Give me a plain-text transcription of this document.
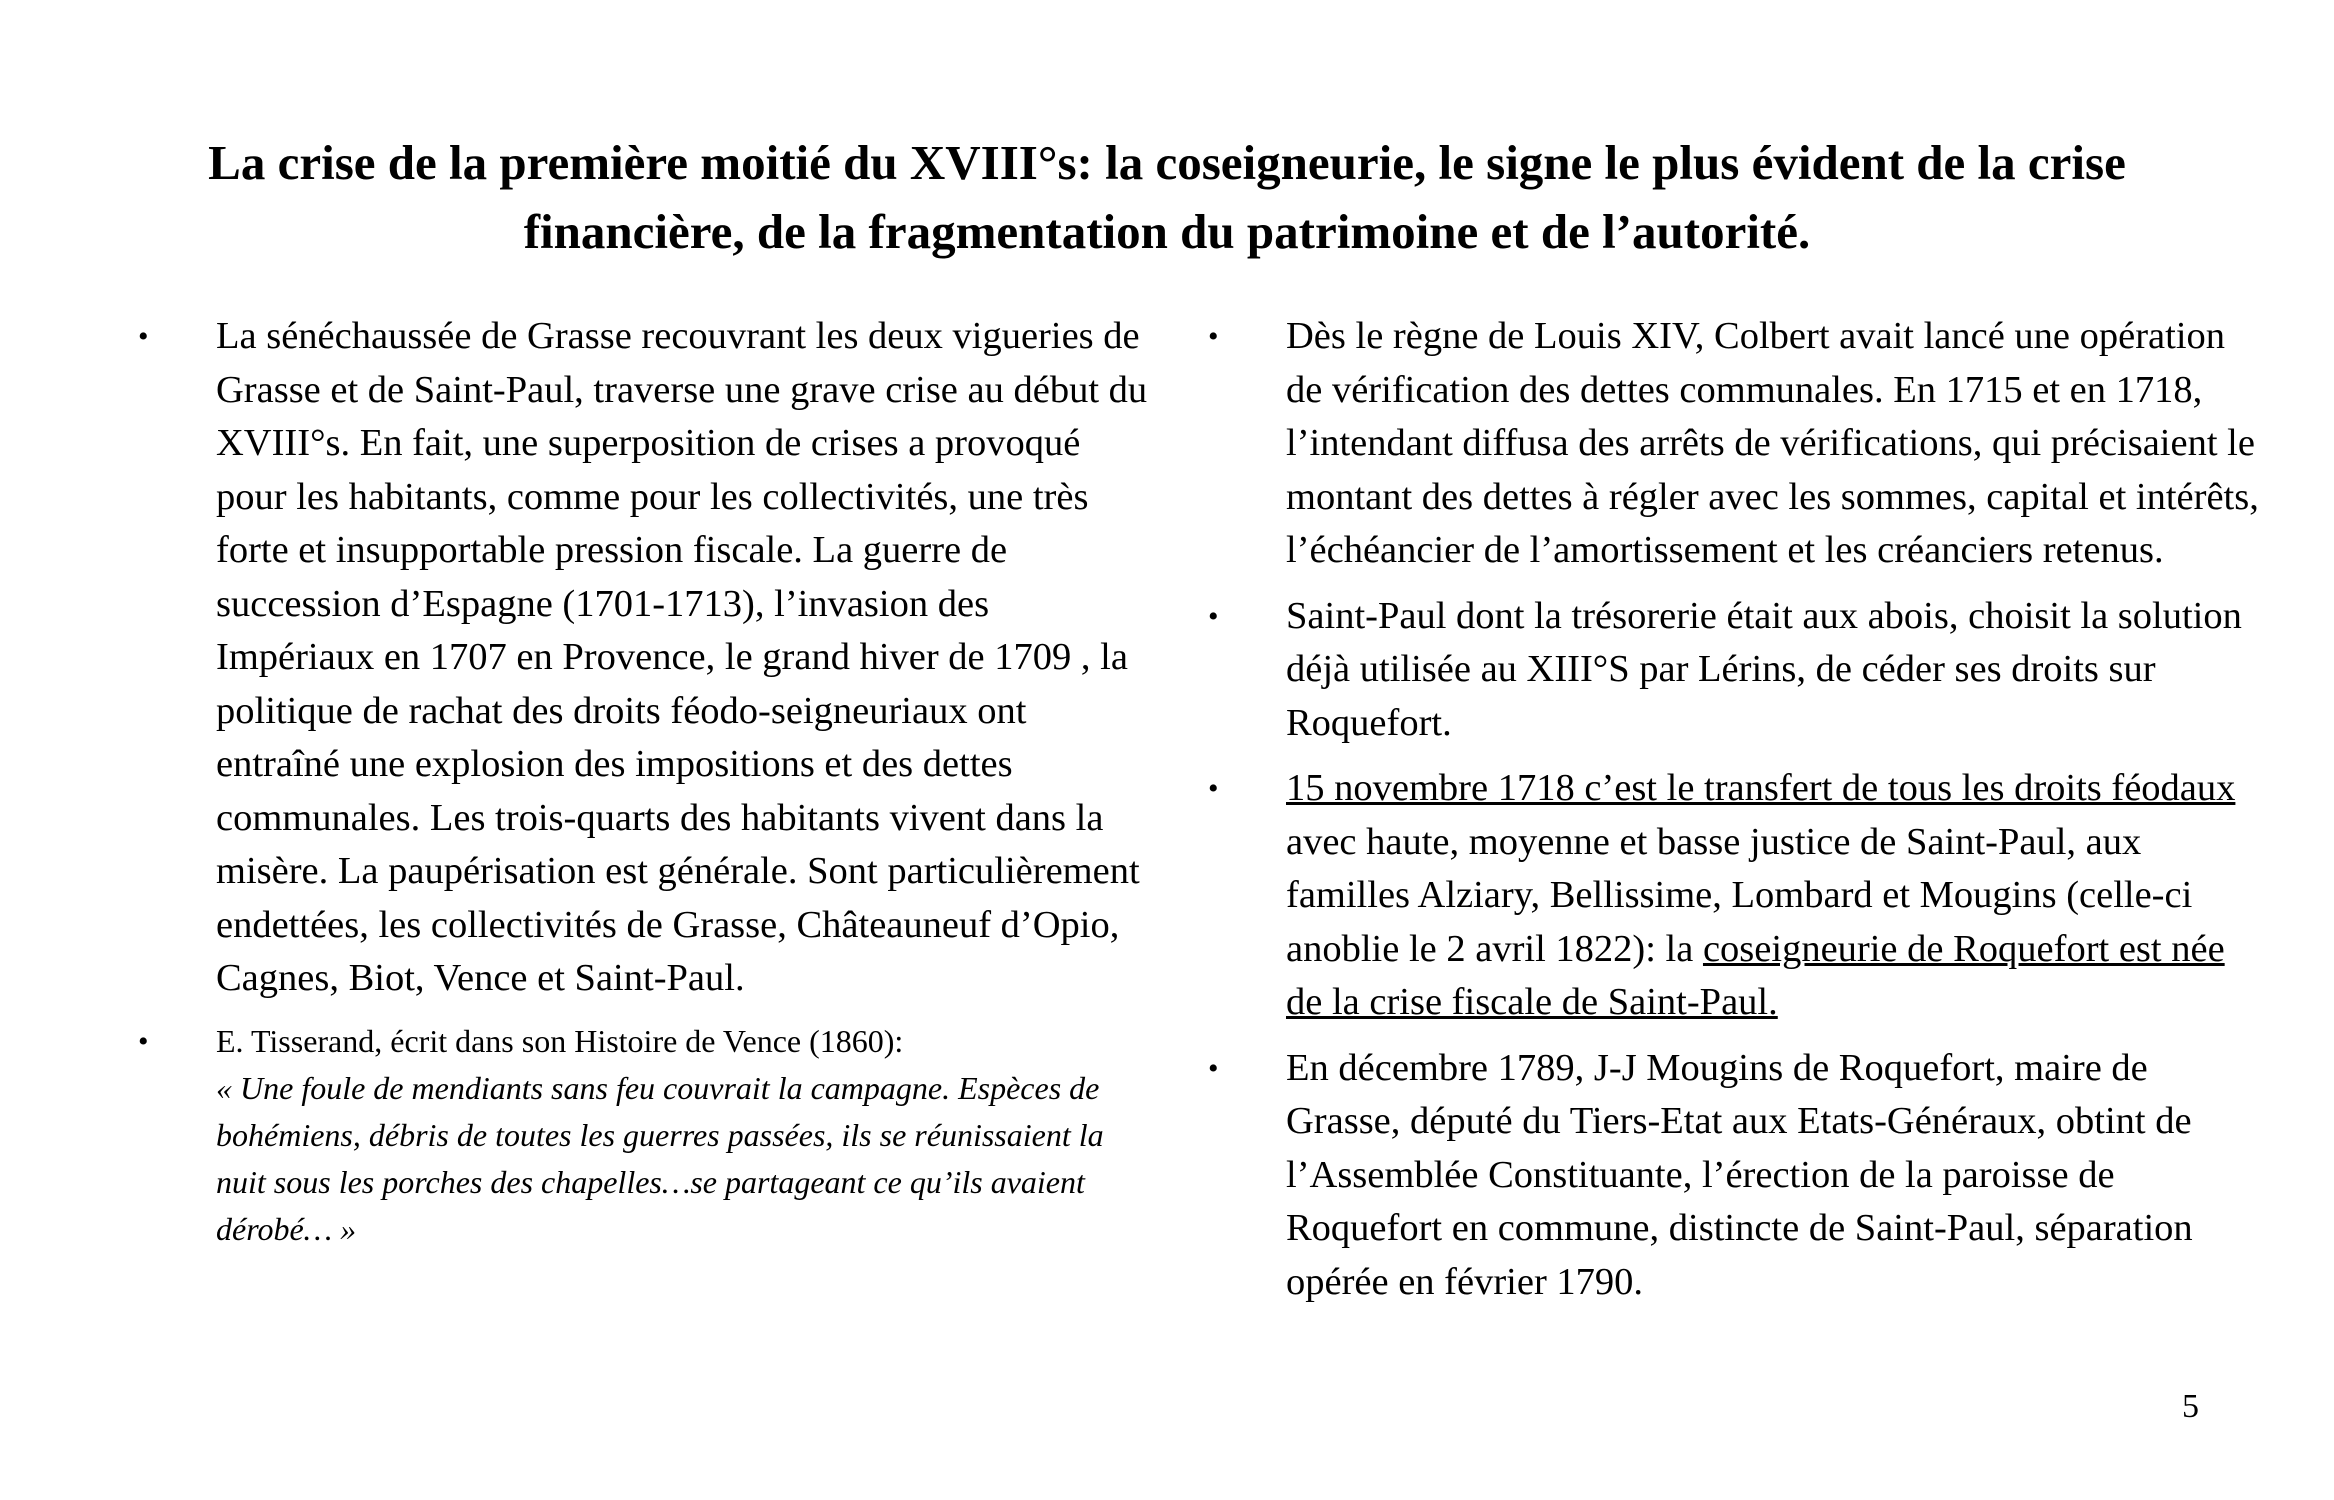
La crise de la première moitié du XVIII°s: la coseigneurie, le signe le plus évident de la crise financière, de la fragmentation du patrimoine et de l’autorité.
•	La sénéchaussée de Grasse recouvrant les deux vigueries de Grasse et de Saint-Paul, traverse une grave crise au début du XVIII°s. En fait, une superposition de crises a provoqué pour les habitants, comme pour les collectivités, une très forte et insupportable pression fiscale. La guerre de succession d’Espagne (1701-1713), l’invasion des Impériaux en 1707 en Provence, le grand hiver de 1709 , la politique de rachat des droits féodo-seigneuriaux ont entraîné une explosion des impositions et des dettes communales. Les trois-quarts des habitants vivent dans la misère. La paupérisation est générale. Sont particulièrement endettées, les collectivités de Grasse, Châteauneuf d’Opio, Cagnes, Biot, Vence et Saint-Paul.
•	E. Tisserand, écrit dans son Histoire de Vence (1860):
« Une foule de mendiants sans feu couvrait la campagne. Espèces de bohémiens, débris de toutes les guerres passées, ils se réunissaient la nuit sous les porches des chapelles…se partageant ce qu’ils avaient dérobé… »
•	Dès le règne de Louis XIV, Colbert avait lancé une opération de vérification des dettes communales. En 1715 et en 1718, l’intendant diffusa des arrêts de vérifications, qui précisaient le montant des dettes à régler avec les sommes, capital et intérêts, l’échéancier de l’amortissement et les créanciers retenus.
•	Saint-Paul dont la trésorerie était aux abois, choisit la solution déjà utilisée au XIII°S par Lérins, de céder ses droits sur Roquefort.
•	15 novembre 1718 c’est le transfert de tous les droits féodaux avec haute, moyenne et basse justice de Saint-Paul, aux familles Alziary, Bellissime, Lombard et Mougins (celle-ci anoblie le 2 avril 1822): la coseigneurie de Roquefort est née de la crise fiscale de Saint-Paul.
•	En décembre 1789, J-J Mougins de Roquefort, maire de Grasse, député du Tiers-Etat aux Etats-Généraux, obtint de l’Assemblée Constituante, l’érection de la paroisse de Roquefort en commune, distincte de Saint-Paul, séparation opérée en février 1790.
5
